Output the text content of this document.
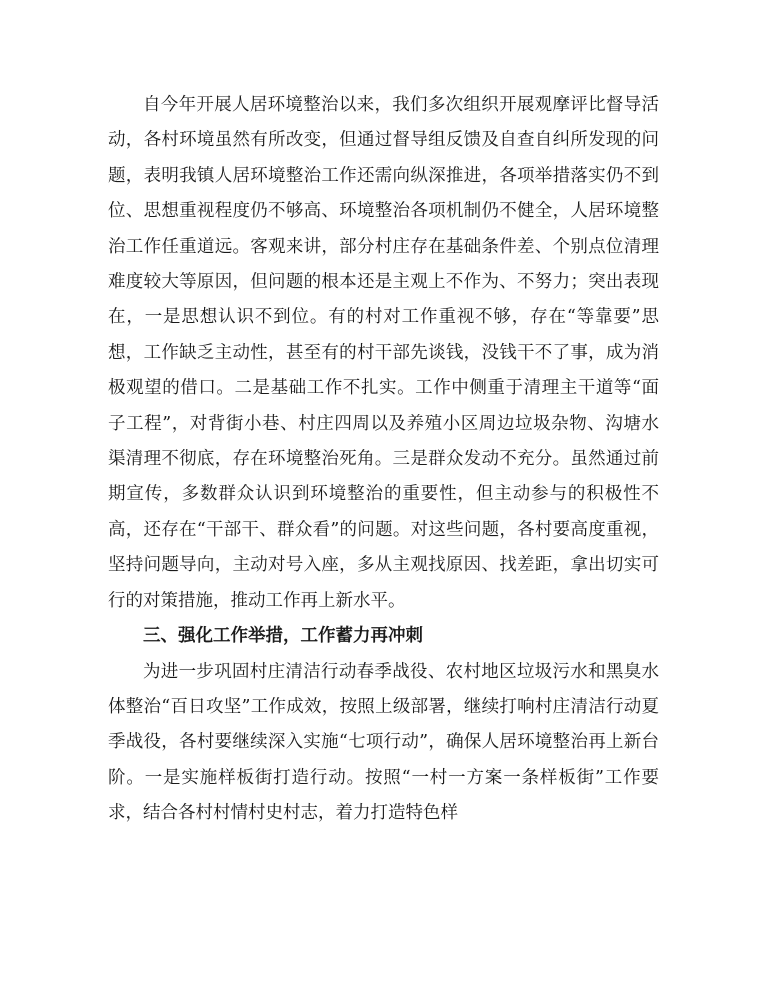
自今年开展人居环境整治以来，我们多次组织开展观摩评比督导活动，各村环境虽然有所改变，但通过督导组反馈及自查自纠所发现的问题，表明我镇人居环境整治工作还需向纵深推进，各项举措落实仍不到位、思想重视程度仍不够高、环境整治各项机制仍不健全，人居环境整治工作任重道远。客观来讲，部分村庄存在基础条件差、个别点位清理难度较大等原因，但问题的根本还是主观上不作为、不努力；突出表现在，一是思想认识不到位。有的村对工作重视不够，存在“等靠要”思想，工作缺乏主动性，甚至有的村干部先谈钱，没钱干不了事，成为消极观望的借口。二是基础工作不扎实。工作中侧重于清理主干道等“面子工程”，对背街小巷、村庄四周以及养殖小区周边垃圾杂物、沟塘水渠清理不彻底，存在环境整治死角。三是群众发动不充分。虽然通过前期宣传，多数群众认识到环境整治的重要性，但主动参与的积极性不高，还存在“干部干、群众看”的问题。对这些问题，各村要高度重视，坚持问题导向，主动对号入座，多从主观找原因、找差距，拿出切实可行的对策措施，推动工作再上新水平。

三、强化工作举措，工作蓄力再冲刺

为进一步巩固村庄清洁行动春季战役、农村地区垃圾污水和黑臭水体整治“百日攻坚”工作成效，按照上级部署，继续打响村庄清洁行动夏季战役，各村要继续深入实施“七项行动”，确保人居环境整治再上新台阶。一是实施样板街打造行动。按照“一村一方案一条样板街”工作要求，结合各村村情村史村志，着力打造特色样
